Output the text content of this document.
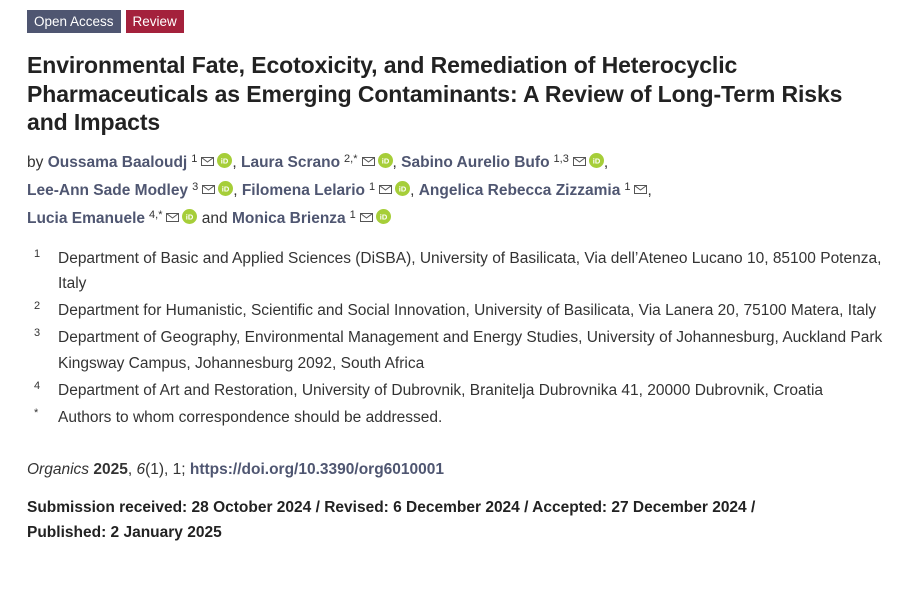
Open Access	Review
Environmental Fate, Ecotoxicity, and Remediation of Heterocyclic Pharmaceuticals as Emerging Contaminants: A Review of Long-Term Risks and Impacts
by Oussama Baaloudj $^1$	iD , Laura Scrano $^{2,*}$	iD , Sabino Aurelio Bufo $^{1,3}$	iD ,
Lee-Ann Sade Modley $^3$	iD , Filomena Lelario $^1$	iD , Angelica Rebecca Zizzamia $^1$ ,
Lucia Emanuele $^{4,*}$	iD and Monica Brienza $^1$	iD
1	Department of Basic and Applied Sciences (DiSBA), University of Basilicata, Via dell’Ateneo Lucano 10, 85100 Potenza, Italy
2	Department for Humanistic, Scientific and Social Innovation, University of Basilicata, Via Lanera 20, 75100 Matera, Italy
3	Department of Geography, Environmental Management and Energy Studies, University of Johannesburg, Auckland Park Kingsway Campus, Johannesburg 2092, South Africa
4	Department of Art and Restoration, University of Dubrovnik, Branitelja Dubrovnika 41, 20000 Dubrovnik, Croatia
*	Authors to whom correspondence should be addressed.
Organics 2025, 6(1), 1; https://doi.org/10.3390/org6010001
Submission received: 28 October 2024 / Revised: 6 December 2024 / Accepted: 27 December 2024 /
Published: 2 January 2025
